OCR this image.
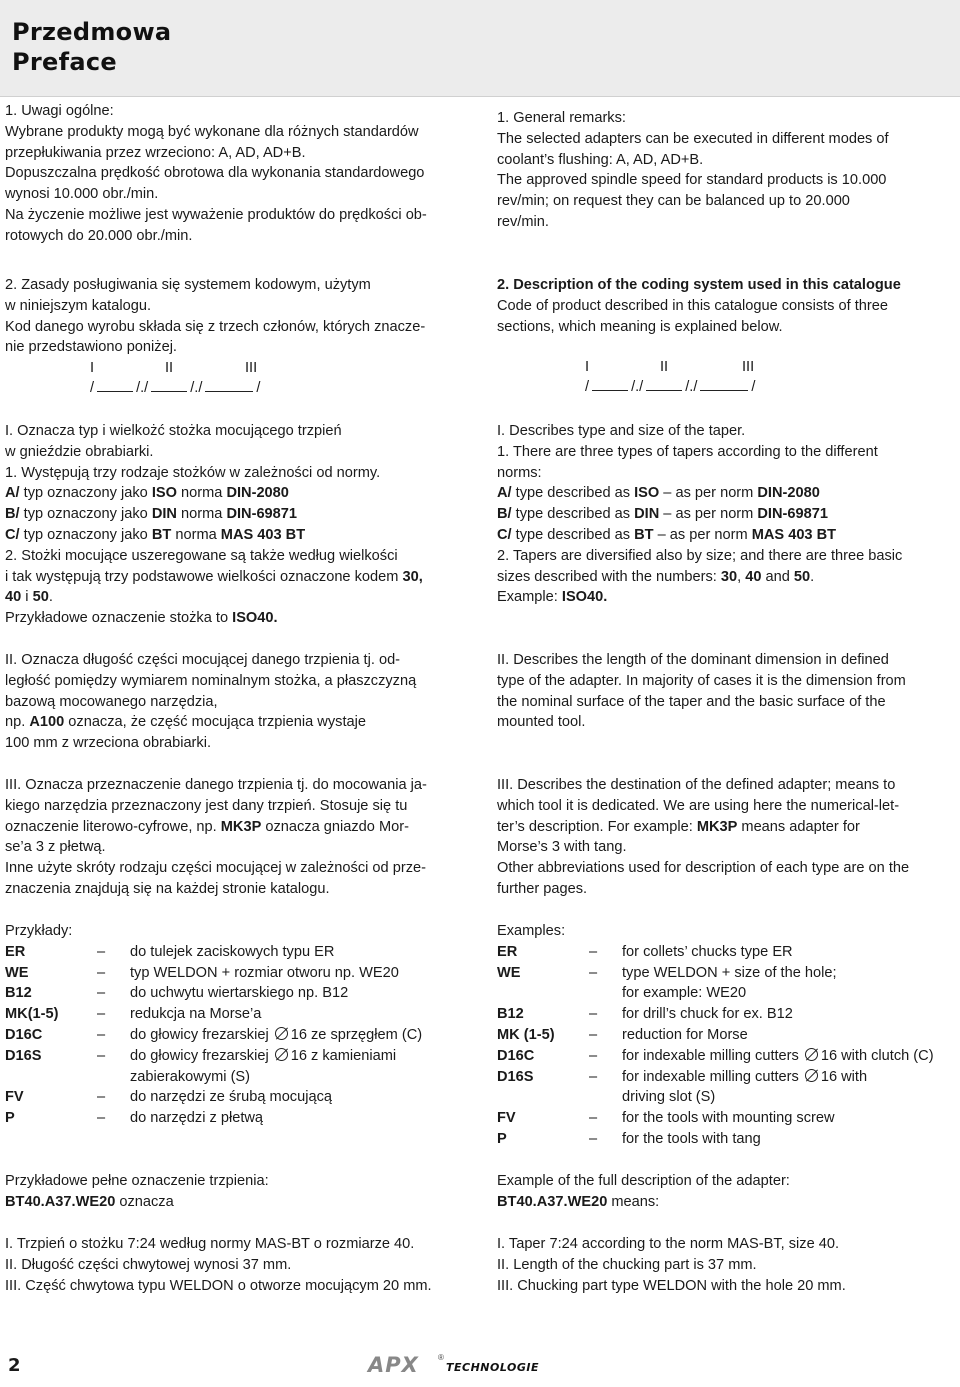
Przedmowa
Preface

1. Uwagi ogólne:

Wybrane produkty mogą być wykonane dla różnych standardów

przepłukiwania przez wrzeciono: A, AD, AD+B.

Dopuszczalna prędkość obrotowa dla wykonania standardowego

wynosi 10.000 obr./min.

Na życzenie możliwe jest wyważenie produktów do prędkości ob-

rotowych do 20.000 obr./min.

2. Zasady posługiwania się systemem kodowym, użytym

w niniejszym katalogu.

Kod danego wyrobu składa się z trzech członów, których znacze-

nie przedstawiono poniżej.

I	II	III
/	/./	/./	/

I. Oznacza typ i wielkożć stożka mocującego trzpień

w gnieździe obrabiarki.

1. Występują trzy rodzaje stożków w zależności od normy.

A/ typ oznaczony jako ISO norma DIN-2080

B/ typ oznaczony jako DIN norma DIN-69871

C/ typ oznaczony jako BT norma MAS 403 BT

2. Stożki mocujące uszeregowane są także według wielkości

i tak występują trzy podstawowe wielkości oznaczone kodem 30,

40 i 50.

Przykładowe oznaczenie stożka to ISO40.

II. Oznacza długość części mocującej danego trzpienia tj. od-

ległość pomiędzy wymiarem nominalnym stożka, a płaszczyzną

bazową mocowanego narzędzia,

np. A100 oznacza, że część mocująca trzpienia wystaje

100 mm z wrzeciona obrabiarki.

III. Oznacza przeznaczenie danego trzpienia tj. do mocowania ja-

kiego narzędzia przeznaczony jest dany trzpień. Stosuje się tu

oznaczenie literowo-cyfrowe, np. MK3P oznacza gniazdo Mor-

se’a 3 z płetwą.

Inne użyte skróty rodzaju części mocującej w zależności od prze-

znaczenia znajdują się na każdej stronie katalogu.

Przykłady:

ER	– do tulejek zaciskowych typu ER
WE	– typ WELDON + rozmiar otworu np. WE20
B12	– do uchwytu wiertarskiego np. B12
MK(1-5)	– redukcja na Morse’a
D16C	– do głowicy frezarskiej 16 ze sprzęgłem (C)
D16S	– do głowicy frezarskiej 16 z kamieniami
zabierakowymi (S)
FV	– do narzędzi ze śrubą mocującą
P	– do narzędzi z płetwą

Przykładowe pełne oznaczenie trzpienia:

BT40.A37.WE20 oznacza

I. Trzpień o stożku 7:24 według normy MAS-BT o rozmiarze 40.

II. Długość części chwytowej wynosi 37 mm.

III. Część chwytowa typu WELDON o otworze mocującym 20 mm.

1. General remarks:

The selected adapters can be executed in different modes of

coolant’s flushing: A, AD, AD+B.

The approved spindle speed for standard products is 10.000

rev/min; on request they can be balanced up to 20.000

rev/min.

2. Description of the coding system used in this catalogue

Code of product described in this catalogue consists of three

sections, which meaning is explained below.

I	II	III
/	/./	/./	/

I. Describes type and size of the taper.

1. There are three types of tapers according to the different

norms:

A/ type described as ISO – as per norm DIN-2080

B/ type described as DIN – as per norm DIN-69871

C/ type described as BT – as per norm MAS 403 BT

2. Tapers are diversified also by size; and there are three basic

sizes described with the numbers: 30, 40 and 50.

Example: ISO40.

II. Describes the length of the dominant dimension in defined

type of the adapter. In majority of cases it is the dimension from

the nominal surface of the taper and the basic surface of the

mounted tool.

III. Describes the destination of the defined adapter; means to

which tool it is dedicated. We are using here the numerical-let-

ter’s description. For example: MK3P means adapter for

Morse’s 3 with tang.

Other abbreviations used for description of each type are on the

further pages.

Examples:

ER	– for collets’ chucks type ER
WE	– type WELDON + size of the hole;
for example: WE20
B12	– for drill’s chuck for ex. B12
MK (1-5) – reduction for Morse
D16C	– for indexable milling cutters 16 with clutch (C)
D16S	– for indexable milling cutters 16 with
driving slot (S)
FV	– for the tools with mounting screw
P	– for the tools with tang

Example of the full description of the adapter:

BT40.A37.WE20 means:

I. Taper 7:24 according to the norm MAS-BT, size 40.

II. Length of the chucking part is 37 mm.

III. Chucking part type WELDON with the hole 20 mm.

2	APX ®
TECHNOLOGIE
